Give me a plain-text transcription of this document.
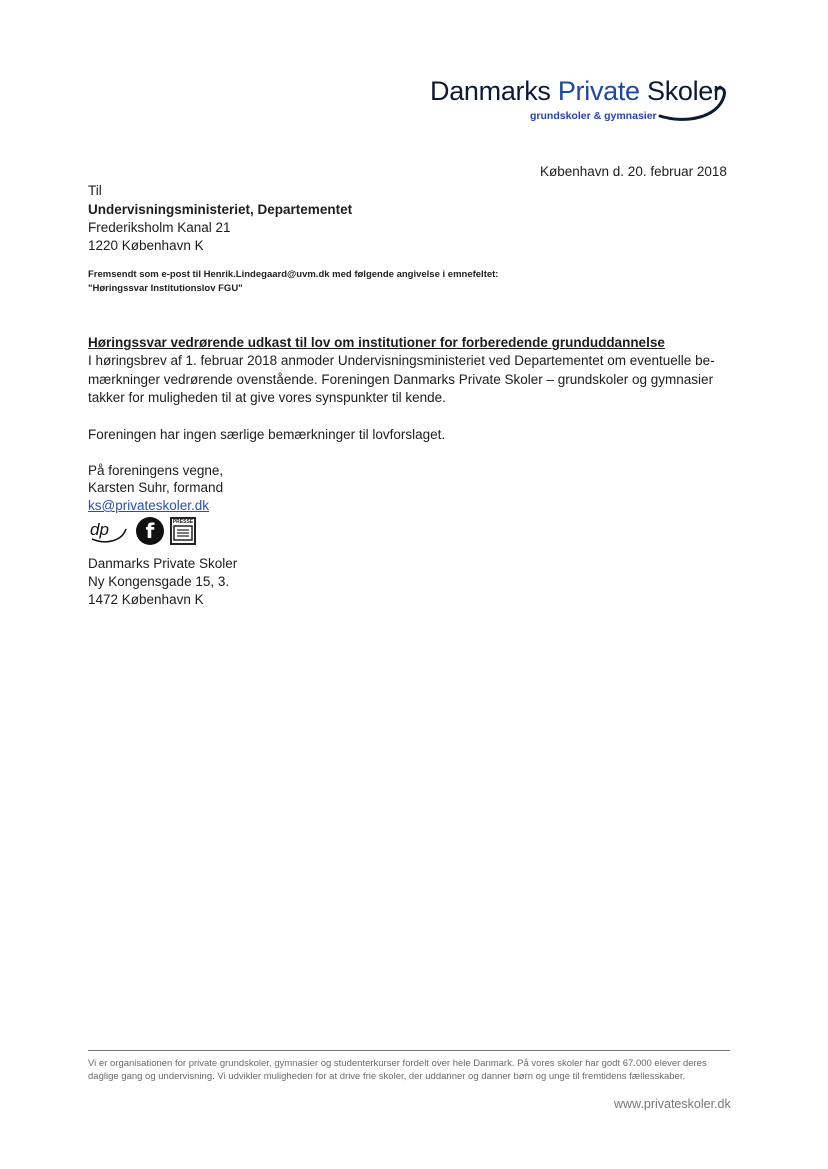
Danmarks Private Skoler
grundskoler & gymnasier
København d. 20. februar 2018
Til
Undervisningsministeriet, Departementet
Frederiksholm Kanal 21
1220 København K
Fremsendt som e-post til Henrik.Lindegaard@uvm.dk med følgende angivelse i emnefeltet:
"Høringssvar Institutionslov FGU"
Høringssvar vedrørende udkast til lov om institutioner for forberedende grunduddannelse
I høringsbrev af 1. februar 2018 anmoder Undervisningsministeriet ved Departementet om eventuelle be-
mærkninger vedrørende ovenstående. Foreningen Danmarks Private Skoler – grundskoler og gymnasier
takker for muligheden til at give vores synspunkter til kende.
Foreningen har ingen særlige bemærkninger til lovforslaget.
På foreningens vegne,
Karsten Suhr, formand
ks@privateskoler.dk
dp	f	PRESSE
Danmarks Private Skoler
Ny Kongensgade 15, 3.
1472 København K
Vi er organisationen for private grundskoler, gymnasier og studenterkurser fordelt over hele Danmark. På vores skoler har godt 67.000 elever deres
daglige gang og undervisning. Vi udvikler muligheden for at drive frie skoler, der uddanner og danner børn og unge til fremtidens fællesskaber.
www.privateskoler.dk
